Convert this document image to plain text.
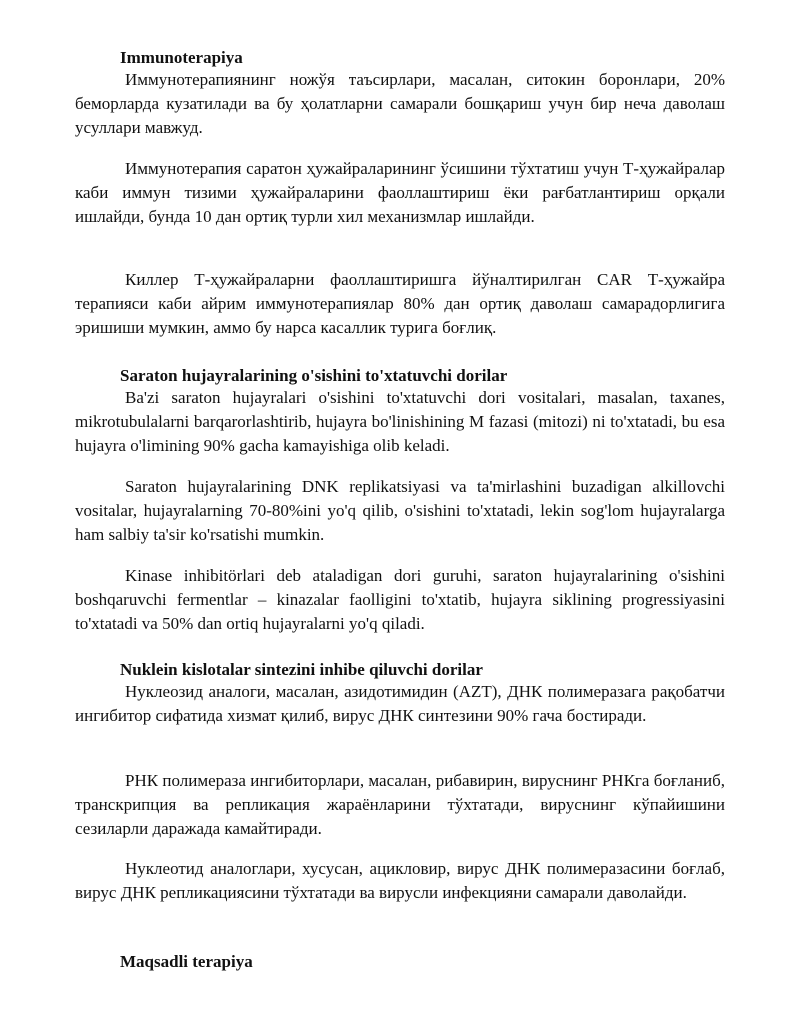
Immunoterapiya
Иммунотерапиянинг ножўя таъсирлари, масалан, ситокин боронлари, 20% беморларда кузатилади ва бу ҳолатларни самарали бошқариш учун бир неча даволаш усуллари мавжуд.
Иммунотерапия саратон ҳужайраларининг ўсишини тўхтатиш учун Т-ҳужайралар каби иммун тизими ҳужайраларини фаоллаштириш ёки рағбатлантириш орқали ишлайди, бунда 10 дан ортиқ турли хил механизмлар ишлайди.
Киллер Т-ҳужайраларни фаоллаштиришга йўналтирилган CAR Т-ҳужайра терапияси каби айрим иммунотерапиялар 80% дан ортиқ даволаш самарадорлигига эришиши мумкин, аммо бу нарса касаллик турига боғлиқ.
Saraton hujayralarining o'sishini to'xtatuvchi dorilar
Ba'zi saraton hujayralari o'sishini to'xtatuvchi dori vositalari, masalan, taxanes, mikrotubulalarni barqarorlashtirib, hujayra bo'linishining M fazasi (mitozi) ni to'xtatadi, bu esa hujayra o'limining 90% gacha kamayishiga olib keladi.
Saraton hujayralarining DNK replikatsiyasi va ta'mirlashini buzadigan alkillovchi vositalar, hujayralarning 70-80%ini yo'q qilib, o'sishini to'xtatadi, lekin sog'lom hujayralarga ham salbiy ta'sir ko'rsatishi mumkin.
Kinase inhibitörlari deb ataladigan dori guruhi, saraton hujayralarining o'sishini boshqaruvchi fermentlar – kinazalar faolligini to'xtatib, hujayra siklining progressiyasini to'xtatadi va 50% dan ortiq hujayralarni yo'q qiladi.
Nuklein kislotalar sintezini inhibe qiluvchi dorilar
Нуклеозид аналоги, масалан, азидотимидин (AZT), ДНК полимеразага рақобатчи ингибитор сифатида хизмат қилиб, вирус ДНК синтезини 90% гача бостиради.
РНК полимераза ингибиторлари, масалан, рибавирин, вируснинг РНКга боғланиб, транскрипция ва репликация жараёнларини тўхтатади, вируснинг кўпайишини сезиларли даражада камайтиради.
Нуклеотид аналоглари, хусусан, ацикловир, вирус ДНК полимеразасини боғлаб, вирус ДНК репликациясини тўхтатади ва вирусли инфекцияни самарали даволайди.
Maqsadli terapiya
